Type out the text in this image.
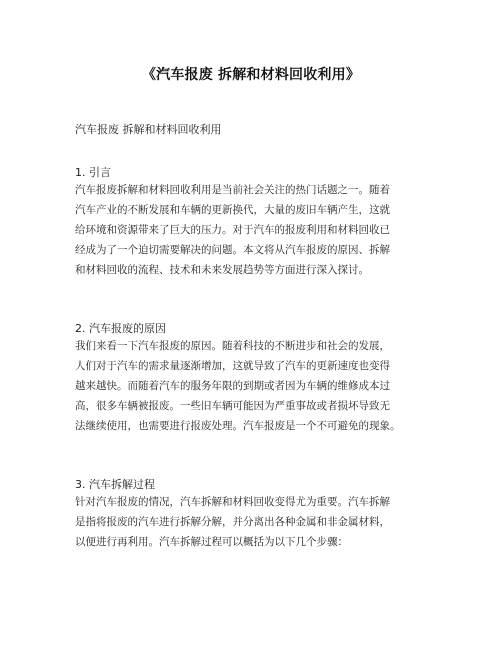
《汽车报废 拆解和材料回收利用》
汽车报废 拆解和材料回收利用
1. 引言
汽车报废拆解和材料回收利用是当前社会关注的热门话题之一。随着
汽车产业的不断发展和车辆的更新换代，大量的废旧车辆产生，这就
给环境和资源带来了巨大的压力。对于汽车的报废利用和材料回收已
经成为了一个迫切需要解决的问题。本文将从汽车报废的原因、拆解
和材料回收的流程、技术和未来发展趋势等方面进行深入探讨。
2. 汽车报废的原因
我们来看一下汽车报废的原因。随着科技的不断进步和社会的发展，
人们对于汽车的需求量逐渐增加，这就导致了汽车的更新速度也变得
越来越快。而随着汽车的服务年限的到期或者因为车辆的维修成本过
高，很多车辆被报废。一些旧车辆可能因为严重事故或者损坏导致无
法继续使用，也需要进行报废处理。汽车报废是一个不可避免的现象。
3. 汽车拆解过程
针对汽车报废的情况，汽车拆解和材料回收变得尤为重要。汽车拆解
是指将报废的汽车进行拆解分解，并分离出各种金属和非金属材料，
以便进行再利用。汽车拆解过程可以概括为以下几个步骤：
